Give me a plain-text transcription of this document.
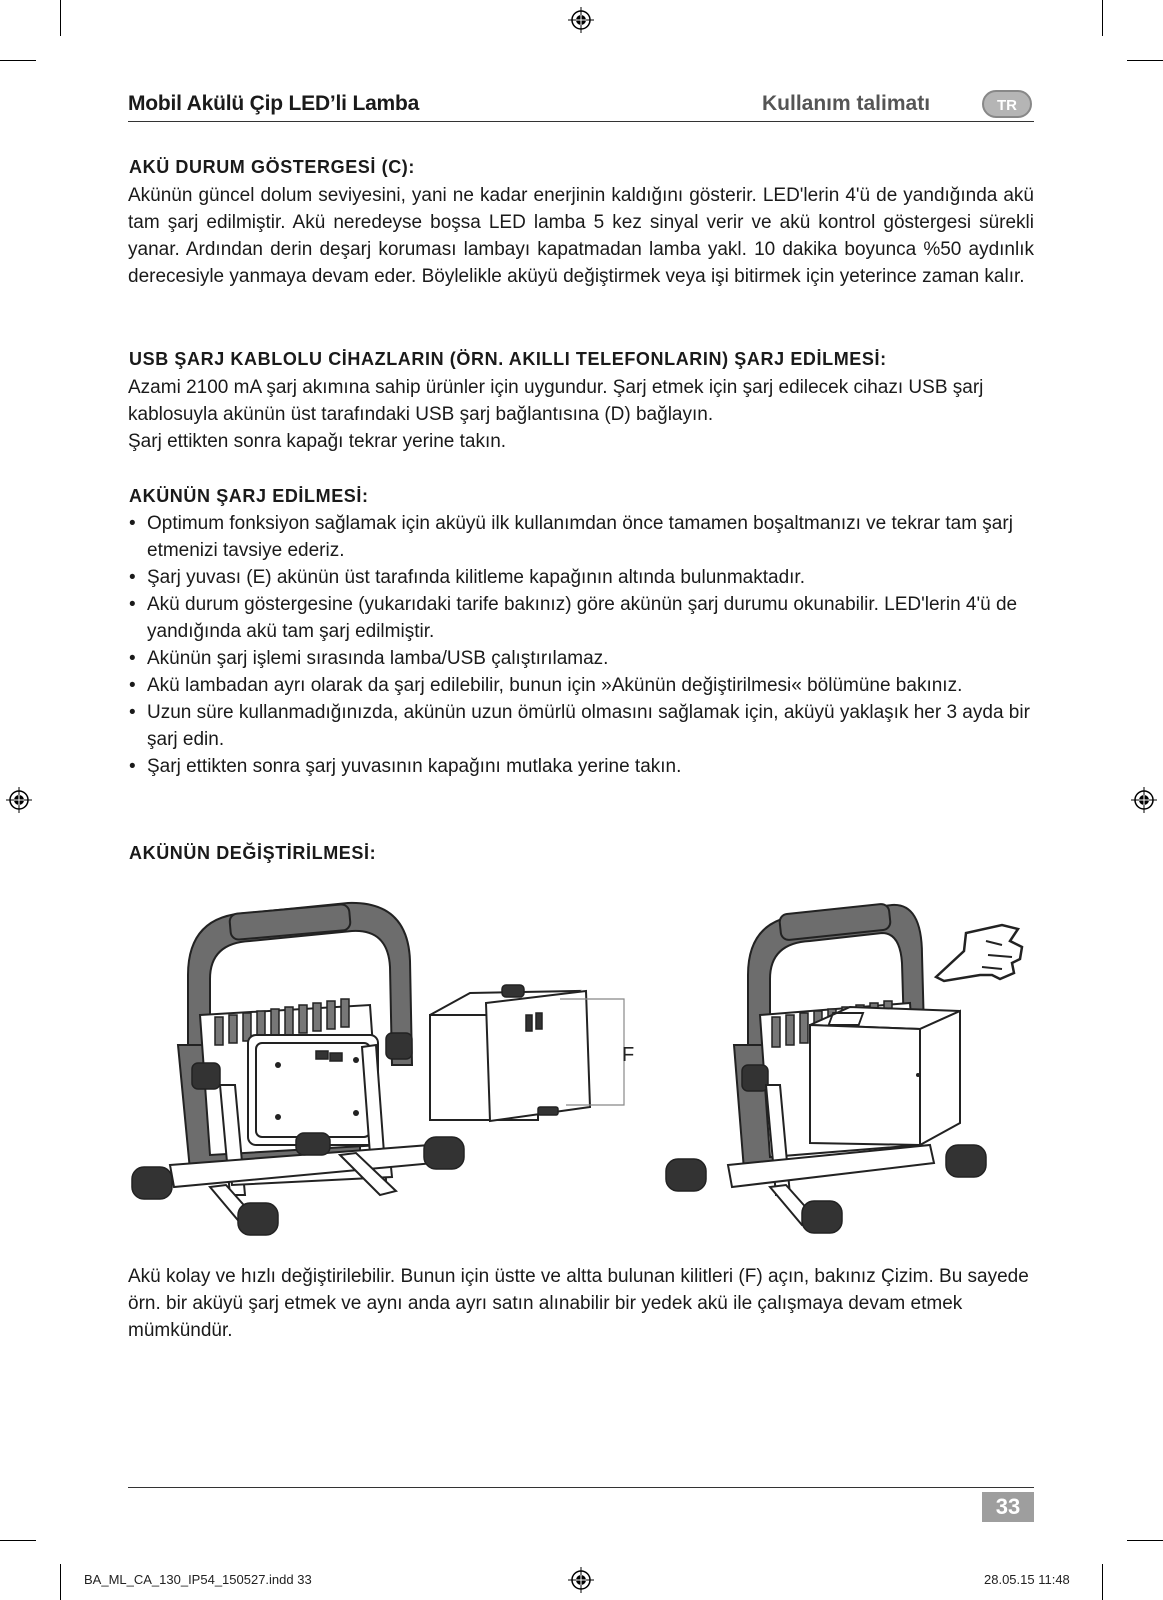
Mobil Akülü Çip LED’li Lamba	Kullanım talimatı	TR
AKÜ DURUM GÖSTERGESİ (C):

Akünün güncel dolum seviyesini, yani ne kadar enerjinin kaldığını gösterir. LED'lerin 4'ü de yandığında akü tam şarj edilmiştir. Akü neredeyse boşsa LED lamba 5 kez sinyal verir ve akü kontrol göstergesi sürekli yanar. Ardından derin deşarj koruması lambayı kapatmadan lamba yakl. 10 dakika boyunca %50 aydınlık derecesiyle yanmaya devam eder. Böylelikle aküyü değiştirmek veya işi bitirmek için yeterince zaman kalır.

USB ŞARJ KABLOLU CİHAZLARIN (ÖRN. AKILLI TELEFONLARIN) ŞARJ EDİLMESİ:

Azami 2100 mA şarj akımına sahip ürünler için uygundur. Şarj etmek için şarj edilecek cihazı USB şarj kablosuyla akünün üst tarafındaki USB şarj bağlantısına (D) bağlayın.

Şarj ettikten sonra kapağı tekrar yerine takın.

AKÜNÜN ŞARJ EDİLMESİ:
• Optimum fonksiyon sağlamak için aküyü ilk kullanımdan önce tamamen boşaltmanızı ve tekrar tam şarj etmenizi tavsiye ederiz.
• Şarj yuvası (E) akünün üst tarafında kilitleme kapağının altında bulunmaktadır.
• Akü durum göstergesine (yukarıdaki tarife bakınız) göre akünün şarj durumu okunabilir. LED'lerin 4'ü de yandığında akü tam şarj edilmiştir.
• Akünün şarj işlemi sırasında lamba/USB çalıştırılamaz.
• Akü lambadan ayrı olarak da şarj edilebilir, bunun için »Akünün değiştirilmesi« bölümüne bakınız.
• Uzun süre kullanmadığınızda, akünün uzun ömürlü olmasını sağlamak için, aküyü yaklaşık her 3 ayda bir şarj edin.
• Şarj ettikten sonra şarj yuvasının kapağını mutlaka yerine takın.
AKÜNÜN DEĞİŞTİRİLMESİ:
F

Akü kolay ve hızlı değiştirilebilir. Bunun için üstte ve altta bulunan kilitleri (F) açın, bakınız Çizim. Bu sayede örn. bir aküyü şarj etmek ve aynı anda ayrı satın alınabilir bir yedek akü ile çalışmaya devam etmek mümkündür.

33
BA_ML_CA_130_IP54_150527.indd 33	28.05.15 11:48
